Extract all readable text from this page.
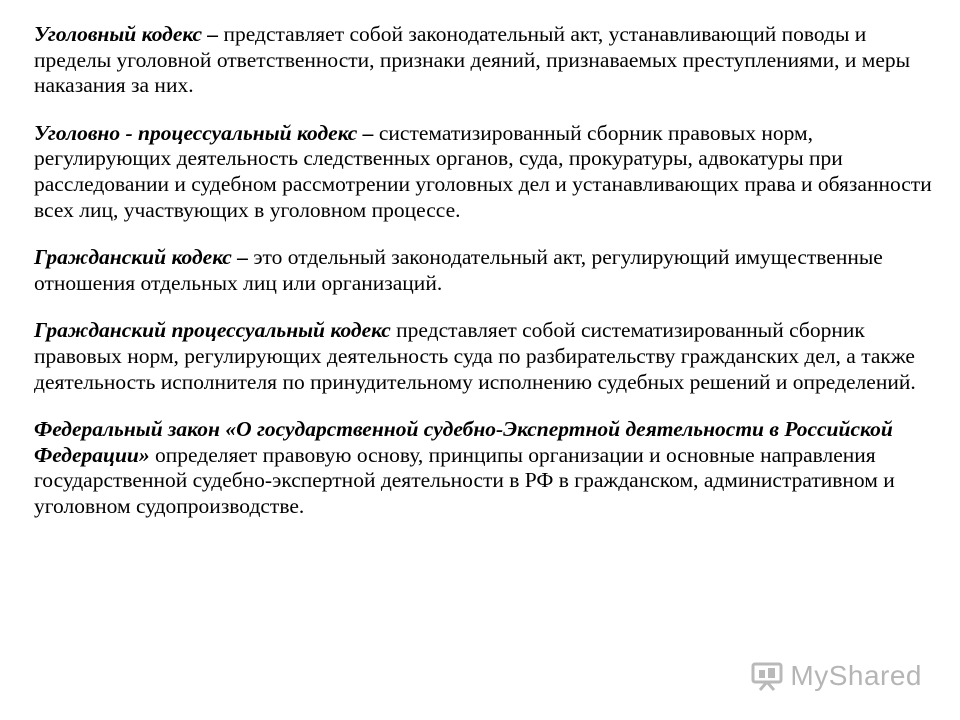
Уголовный кодекс – представляет собой законодательный акт, устанавливающий поводы и пределы уголовной ответственности, признаки деяний, признаваемых преступлениями, и меры наказания за них.

Уголовно - процессуальный кодекс – систематизированный сборник правовых норм, регулирующих деятельность следственных органов, суда, прокуратуры, адвокатуры при расследовании и судебном рассмотрении уголовных дел и устанавливающих права и обязанности всех лиц, участвующих в уголовном процессе.

Гражданский кодекс – это отдельный законодательный акт, регулирующий имущественные отношения отдельных лиц или организаций.

Гражданский процессуальный кодекс представляет собой систематизированный сборник правовых норм, регулирующих деятельность суда по разбирательству гражданских дел, а также деятельность исполнителя по принудительному исполнению судебных решений и определений.

Федеральный закон «О государственной судебно-Экспертной деятельности в Российской Федерации» определяет правовую основу, принципы организации и основные направления государственной судебно-экспертной деятельности в РФ в гражданском, административном и уголовном судопроизводстве.

MyShared
